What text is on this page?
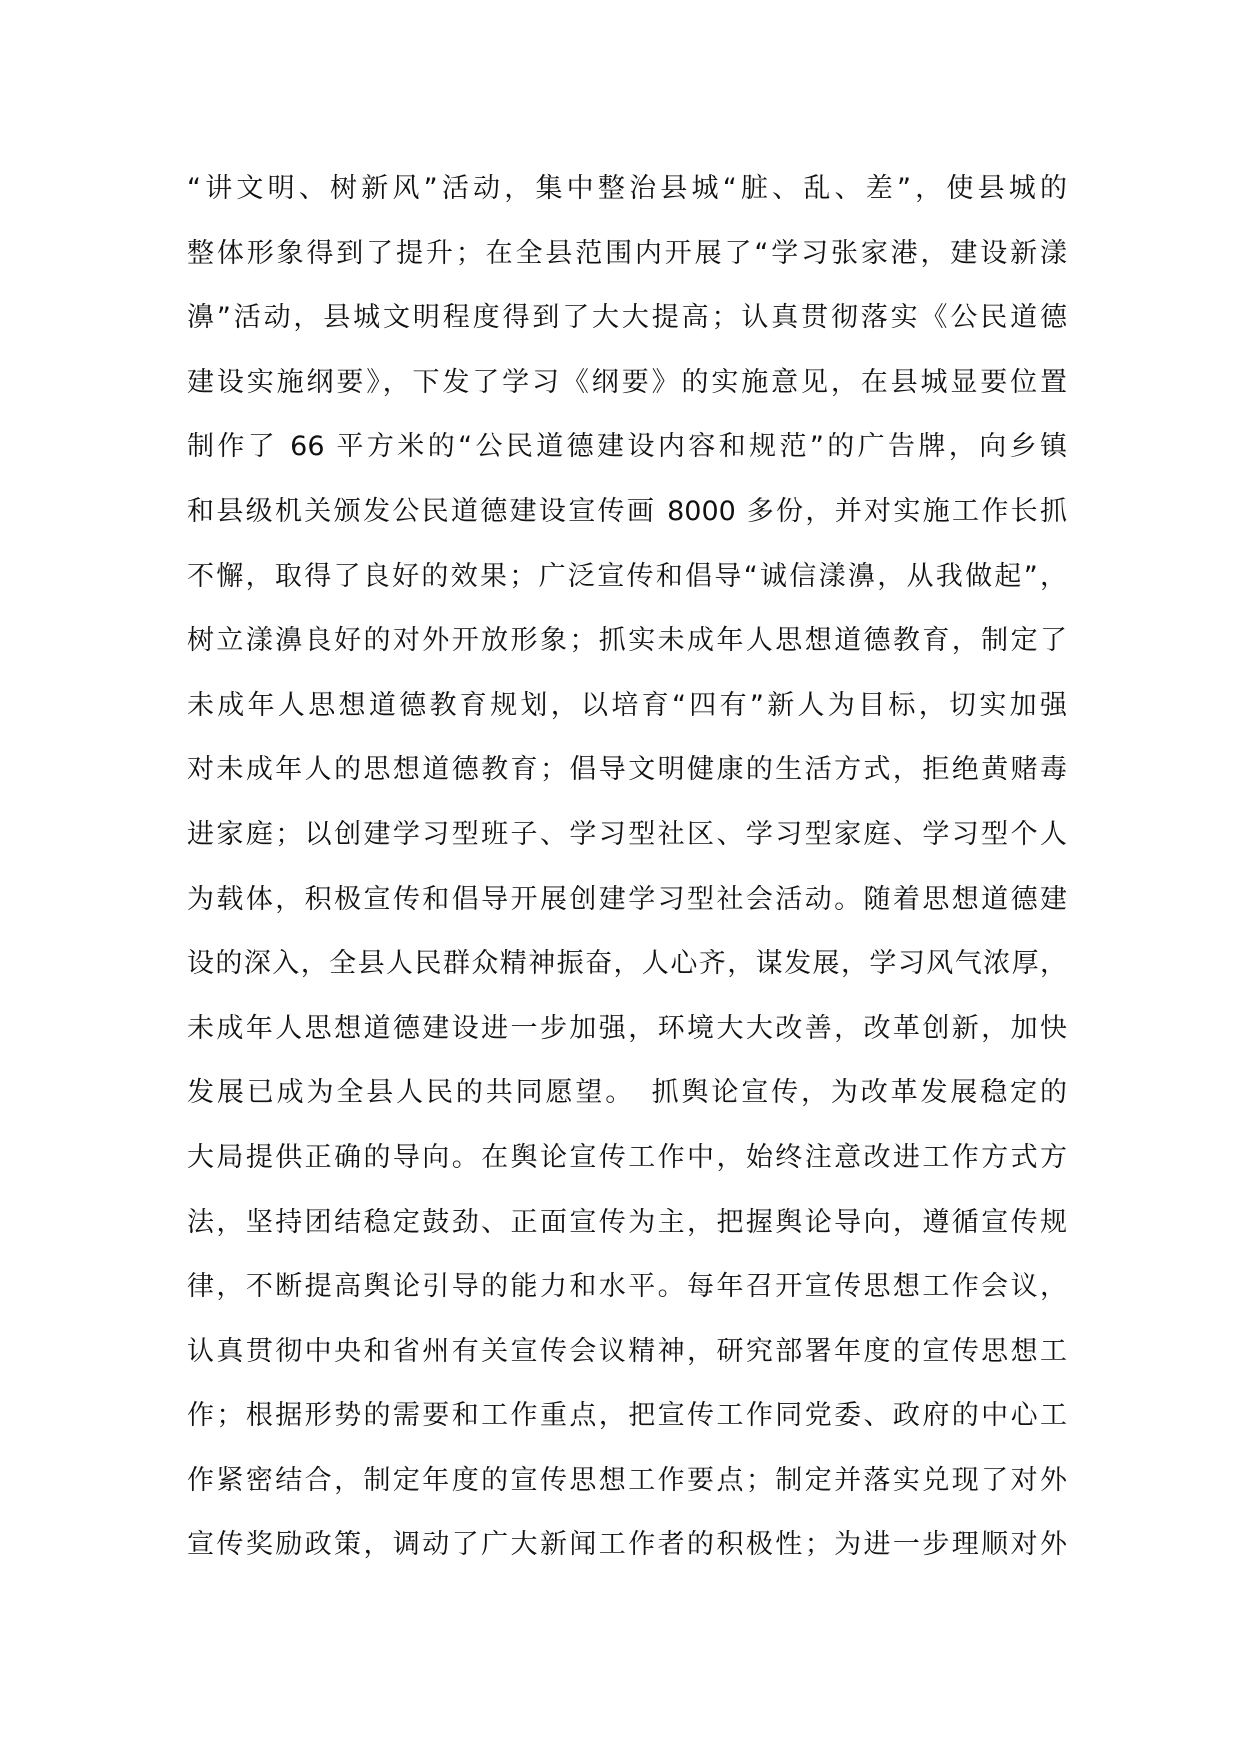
“讲文明、树新风”活动，集中整治县城“脏、乱、差”，使县城的
整体形象得到了提升；在全县范围内开展了“学习张家港，建设新漾
濞”活动，县城文明程度得到了大大提高；认真贯彻落实《公民道德
建设实施纲要》，下发了学习《纲要》的实施意见，在县城显要位置
制作了 66 平方米的“公民道德建设内容和规范”的广告牌，向乡镇
和县级机关颁发公民道德建设宣传画 8000 多份，并对实施工作长抓
不懈，取得了良好的效果；广泛宣传和倡导“诚信漾濞，从我做起”，
树立漾濞良好的对外开放形象；抓实未成年人思想道德教育，制定了
未成年人思想道德教育规划，以培育“四有”新人为目标，切实加强
对未成年人的思想道德教育；倡导文明健康的生活方式，拒绝黄赌毒
进家庭；以创建学习型班子、学习型社区、学习型家庭、学习型个人
为载体，积极宣传和倡导开展创建学习型社会活动。随着思想道德建
设的深入，全县人民群众精神振奋，人心齐，谋发展，学习风气浓厚，
未成年人思想道德建设进一步加强，环境大大改善，改革创新，加快
发展已成为全县人民的共同愿望。　抓舆论宣传，为改革发展稳定的
大局提供正确的导向。在舆论宣传工作中，始终注意改进工作方式方
法，坚持团结稳定鼓劲、正面宣传为主，把握舆论导向，遵循宣传规
律，不断提高舆论引导的能力和水平。每年召开宣传思想工作会议，
认真贯彻中央和省州有关宣传会议精神，研究部署年度的宣传思想工
作；根据形势的需要和工作重点，把宣传工作同党委、政府的中心工
作紧密结合，制定年度的宣传思想工作要点；制定并落实兑现了对外
宣传奖励政策，调动了广大新闻工作者的积极性；为进一步理顺对外
